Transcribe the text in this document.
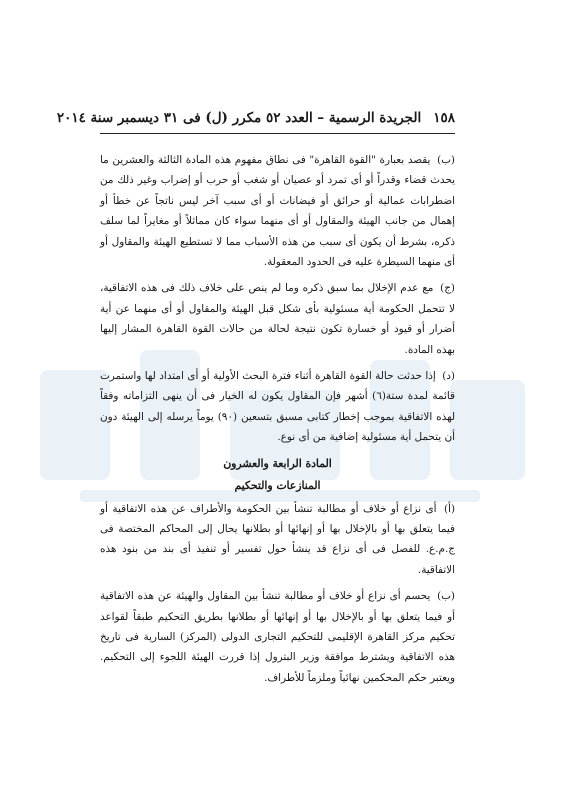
١٥٨
الجريدة الرسمية – العدد ٥٢ مكرر (ل) فى ٣١ ديسمبر سنة ٢٠١٤

(ب) يقصد بعبارة "القوة القاهرة" فى نطاق مفهوم هذه المادة الثالثة والعشرين ما يحدث قضاء وقدراً أو أى تمرد أو عصيان أو شغب أو حرب أو إضراب وغير ذلك من اضطرابات عمالية أو حرائق أو فيضانات أو أى سبب آخر ليس ناتجاً عن خطأ أو إهمال من جانب الهيئة والمقاول أو أى منهما سواء كان مماثلاً أو مغايراً لما سلف ذكره، بشرط أن يكون أى سبب من هذه الأسباب مما لا تستطيع الهيئة والمقاول أو أى منهما السيطرة عليه فى الحدود المعقولة.

(ج) مع عدم الإخلال بما سبق ذكره وما لم ينص على خلاف ذلك فى هذه الاتفاقية، لا تتحمل الحكومة أية مسئولية بأى شكل قبل الهيئة والمقاول أو أى منهما عن أية أضرار أو قيود أو خسارة تكون نتيجة لحالة من حالات القوة القاهرة المشار إليها بهذه المادة.

(د) إذا حدثت حالة القوة القاهرة أثناء فترة البحث الأولية أو أى امتداد لها واستمرت قائمة لمدة ستة(٦) أشهر فإن المقاول يكون له الخيار فى أن ينهى التزاماته وفقاً لهذه الاتفاقية بموجب إخطار كتابى مسبق بتسعين (٩٠) يوماً يرسله إلى الهيئة دون أن يتحمل أية مسئولية إضافية من أى نوع.

المادة الرابعة والعشرون
المنازعات والتحكيم

(أ) أى نزاع أو خلاف أو مطالبة تنشأ بين الحكومة والأطراف عن هذه الاتفاقية أو فيما يتعلق بها أو بالإخلال بها أو إنهائها أو بطلانها يحال إلى المحاكم المختصة فى ج.م.ع. للفصل فى أى نزاع قد ينشأ حول تفسير أو تنفيذ أى بند من بنود هذه الاتفاقية.

(ب) يحسم أى نزاع أو خلاف أو مطالبة تنشأ بين المقاول والهيئة عن هذه الاتفاقية أو فيما يتعلق بها أو بالإخلال بها أو إنهائها أو بطلانها بطريق التحكيم طبقاً لقواعد تحكيم مركز القاهرة الإقليمى للتحكيم التجارى الدولى (المركز) السارية فى تاريخ هذه الاتفاقية ويشترط موافقة وزير البترول إذا قررت الهيئة اللجوء إلى التحكيم. ويعتبر حكم المحكمين نهائياً وملزماً للأطراف.
